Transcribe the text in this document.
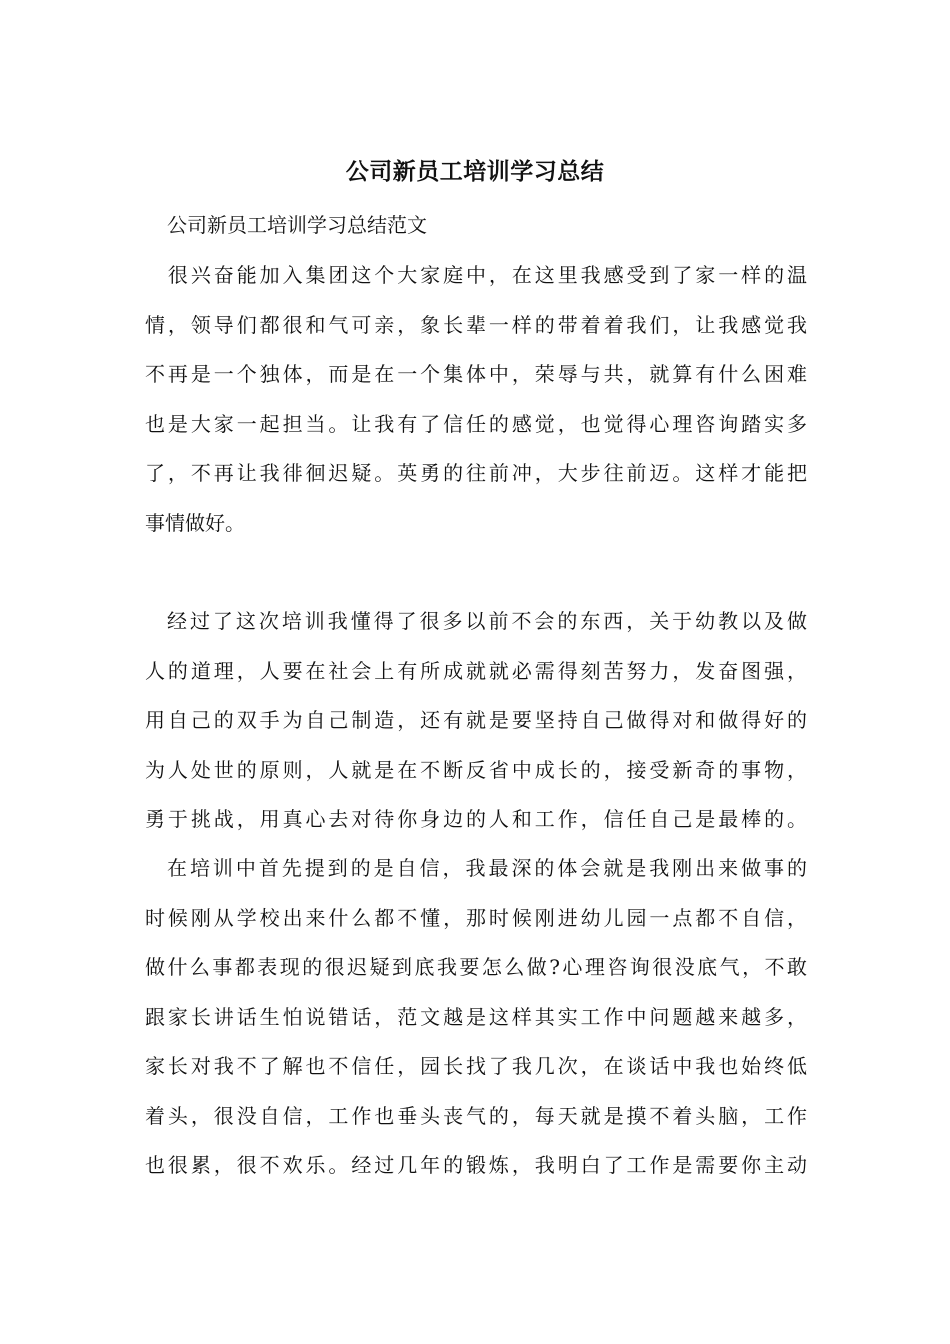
公司新员工培训学习总结
公司新员工培训学习总结范文
　很兴奋能加入集团这个大家庭中，在这里我感受到了家一样的温
情，领导们都很和气可亲，象长辈一样的带着着我们，让我感觉我
不再是一个独体，而是在一个集体中，荣辱与共，就算有什么困难
也是大家一起担当。让我有了信任的感觉，也觉得心理咨询踏实多
了，不再让我徘徊迟疑。英勇的往前冲，大步往前迈。这样才能把
事情做好。
经过了这次培训我懂得了很多以前不会的东西，关于幼教以及做
人的道理，人要在社会上有所成就就必需得刻苦努力，发奋图强，
用自己的双手为自己制造，还有就是要坚持自己做得对和做得好的
为人处世的原则，人就是在不断反省中成长的，接受新奇的事物，
勇于挑战，用真心去对待你身边的人和工作，信任自己是最棒的。
在培训中首先提到的是自信，我最深的体会就是我刚出来做事的
时候刚从学校出来什么都不懂，那时候刚进幼儿园一点都不自信，
做什么事都表现的很迟疑到底我要怎么做?心理咨询很没底气，不敢
跟家长讲话生怕说错话，范文越是这样其实工作中问题越来越多，
家长对我不了解也不信任，园长找了我几次，在谈话中我也始终低
着头，很没自信，工作也垂头丧气的，每天就是摸不着头脑，工作
也很累，很不欢乐。经过几年的锻炼，我明白了工作是需要你主动
